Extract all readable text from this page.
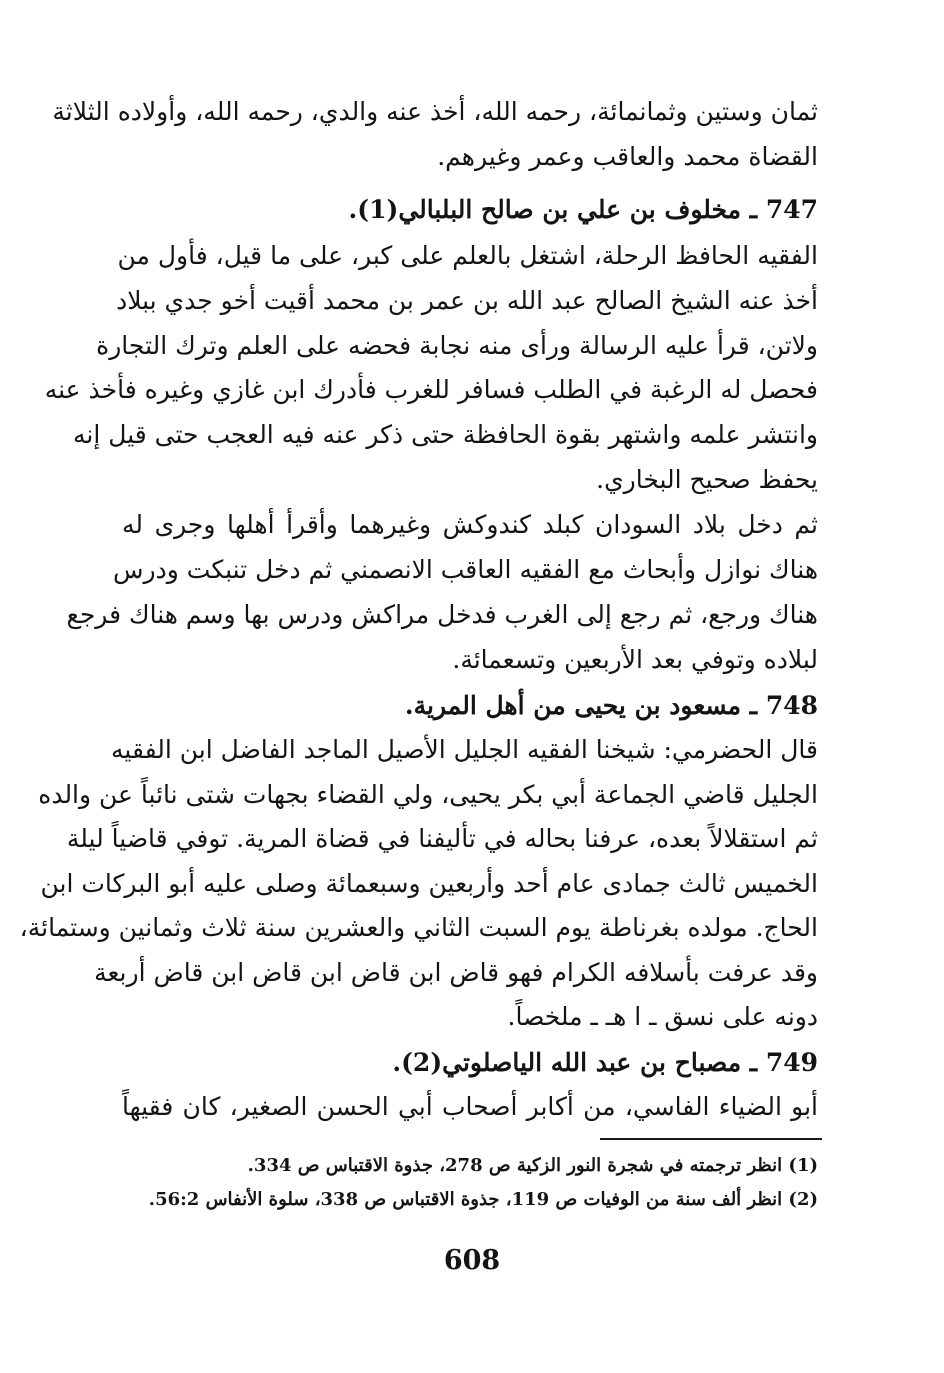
ثمان وستين وثمانمائة، رحمه الله، أخذ عنه والدي، رحمه الله، وأولاده الثلاثة
القضاة محمد والعاقب وعمر وغيرهم.
747 ـ مخلوف بن علي بن صالح البلبالي(1).
الفقيه الحافظ الرحلة، اشتغل بالعلم على كبر، على ما قيل، فأول من
أخذ عنه الشيخ الصالح عبد الله بن عمر بن محمد أقيت أخو جدي ببلاد
ولاتن، قرأ عليه الرسالة ورأى منه نجابة فحضه على العلم وترك التجارة
فحصل له الرغبة في الطلب فسافر للغرب فأدرك ابن غازي وغيره فأخذ عنه
وانتشر علمه واشتهر بقوة الحافظة حتى ذكر عنه فيه العجب حتى قيل إنه
يحفظ صحيح البخاري.
ثم دخل بلاد السودان كبلد كندوكش وغيرهما وأقرأ أهلها وجرى له
هناك نوازل وأبحاث مع الفقيه العاقب الانصمني ثم دخل تنبكت ودرس
هناك ورجع، ثم رجع إلى الغرب فدخل مراكش ودرس بها وسم هناك فرجع
لبلاده وتوفي بعد الأربعين وتسعمائة.
748 ـ مسعود بن يحيى من أهل المرية.
قال الحضرمي: شيخنا الفقيه الجليل الأصيل الماجد الفاضل ابن الفقيه
الجليل قاضي الجماعة أبي بكر يحيى، ولي القضاء بجهات شتى نائباً عن والده
ثم استقلالاً بعده، عرفنا بحاله في تأليفنا في قضاة المرية. توفي قاضياً ليلة
الخميس ثالث جمادى عام أحد وأربعين وسبعمائة وصلى عليه أبو البركات ابن
الحاج. مولده بغرناطة يوم السبت الثاني والعشرين سنة ثلاث وثمانين وستمائة،
وقد عرفت بأسلافه الكرام فهو قاض ابن قاض ابن قاض ابن قاض أربعة
دونه على نسق ـ ا هـ ـ ملخصاً.
749 ـ مصباح بن عبد الله الياصلوتي(2).
أبو الضياء الفاسي، من أكابر أصحاب أبي الحسن الصغير، كان فقيهاً
(1) انظر ترجمته في شجرة النور الزكية ص 278، جذوة الاقتباس ص 334.
(2) انظر ألف سنة من الوفيات ص 119، جذوة الاقتباس ص 338، سلوة الأنفاس 56:2.
608
